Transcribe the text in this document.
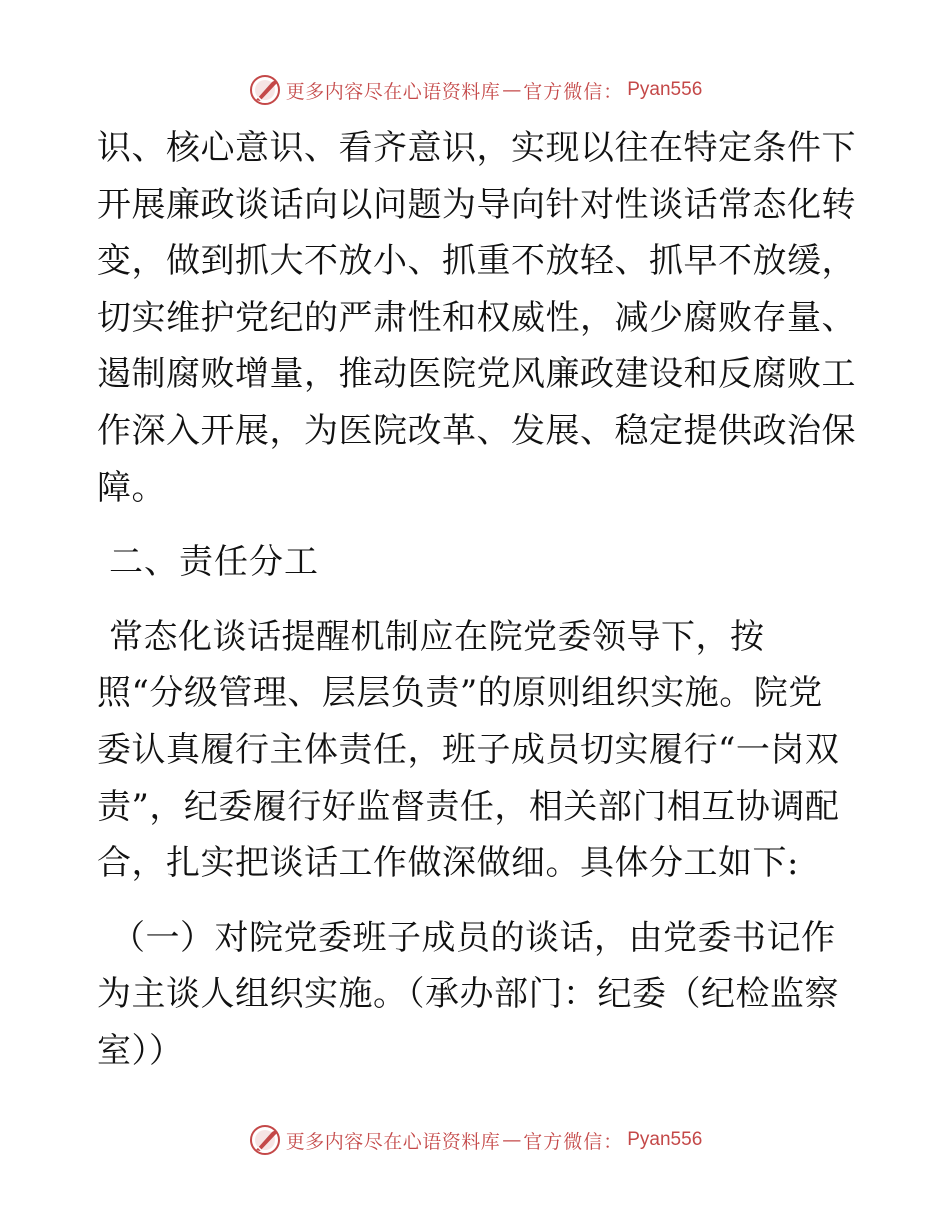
更多内容尽在心语资料库 — 官方微信： Pyan556

识、核心意识、看齐意识，实现以往在特定条件下
开展廉政谈话向以问题为导向针对性谈话常态化转
变，做到抓大不放小、抓重不放轻、抓早不放缓，
切实维护党纪的严肃性和权威性，减少腐败存量、
遏制腐败增量，推动医院党风廉政建设和反腐败工
作深入开展，为医院改革、发展、稳定提供政治保
障。

二、责任分工

常态化谈话提醒机制应在院党委领导下，按
照“分级管理、层层负责”的原则组织实施。院党
委认真履行主体责任，班子成员切实履行“一岗双
责”，纪委履行好监督责任，相关部门相互协调配
合，扎实把谈话工作做深做细。具体分工如下:

（一）对院党委班子成员的谈话，由党委书记作
为主谈人组织实施。（承办部门：纪委（纪检监察
室））

更多内容尽在心语资料库 — 官方微信： Pyan556
